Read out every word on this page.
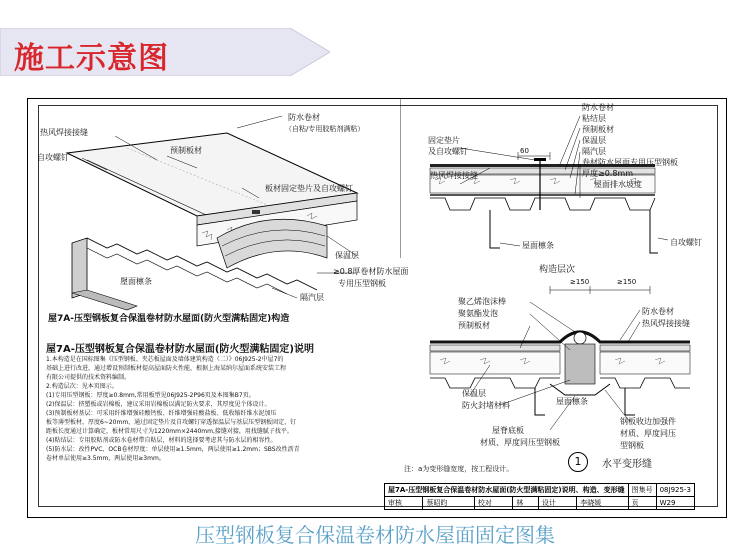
施工示意图
防水卷材
（自粘/专用胶粘剂满粘）
热风焊接接缝
预制板材
自攻螺钉
板材固定垫片及自攻螺钉
保温层
≥0.8厚卷材防水屋面
专用压型钢板
屋面檩条
隔汽层
屋7A-压型钢板复合保温卷材防水屋面(防火型满粘固定)构造
屋7A-压型钢板复合保温卷材防水屋面(防火型满粘固定)说明
1.本构造是在国标图集《压型钢板、夹芯板屋面及墙体建筑构造（二）》06J925-2中屋7的
基础上进行改进，通过增设预制板材提高屋面防火性能，根据上海某纳尔屋面系统安装工程
有限公司提供的技术资料编制。
2.构造层次：见本页图示。
(1)专用压型钢板：厚度≥0.8mm,常用板型见06J925-2P96页及本图集B7页。
(2)保温层：挤塑板或岩棉板，建议采用岩棉板以满足防火要求，其厚度见个体设计。
(3)预制板材基层：可采用纤维增强硅酸钙板、纤维增强硅酸盐板、低收缩纤维水泥加压
板等薄型板材，厚度6~20mm，通过固定垫片及自攻螺钉穿透保温层与基层压型钢板固定，钉
距板长度通过计算确定，板材常用尺寸为1220mm×2440mm,接缝对接，用找缝腻子找平。
(4)粘结层：专用胶粘剂或防水卷材带自粘层，材料的选择要考虑其与防水层的相容性。
(5)防水层：改性PVC、OCB卷材厚度：单层使用≥1.5mm，两层使用≥1.2mm；SBS改性沥青
卷材单层使用≥3.5mm，两层使用≥3mm。
防水卷材
粘结层
预制板材
保温层
隔汽层
卷材防水屋面专用压型钢板
厚度≥0.8mm
屋面排水坡度
固定垫片
及自攻螺钉
热风焊接接缝
60
屋面檩条	自攻螺钉
构造层次
≥150	≥150
聚乙烯泡沫棒
聚氨酯发泡
预制板材
防水卷材
热风焊接接缝
保温层
防火封堵材料	屋面檩条
屋脊底板
材质、厚度同压型钢板
钢板收边加强件
材质、厚度同压
型钢板
1	水平变形缝
注：a为变形缝宽度，按工程设计。
屋7A-压型钢板复合保温卷材防水屋面(防火型满粘固定)说明、构造、变形缝						图集号	08J925-3
审核	蔡昭昀	校对	林	设计	李晓媛	页	W29
压型钢板复合保温卷材防水屋面固定图集
